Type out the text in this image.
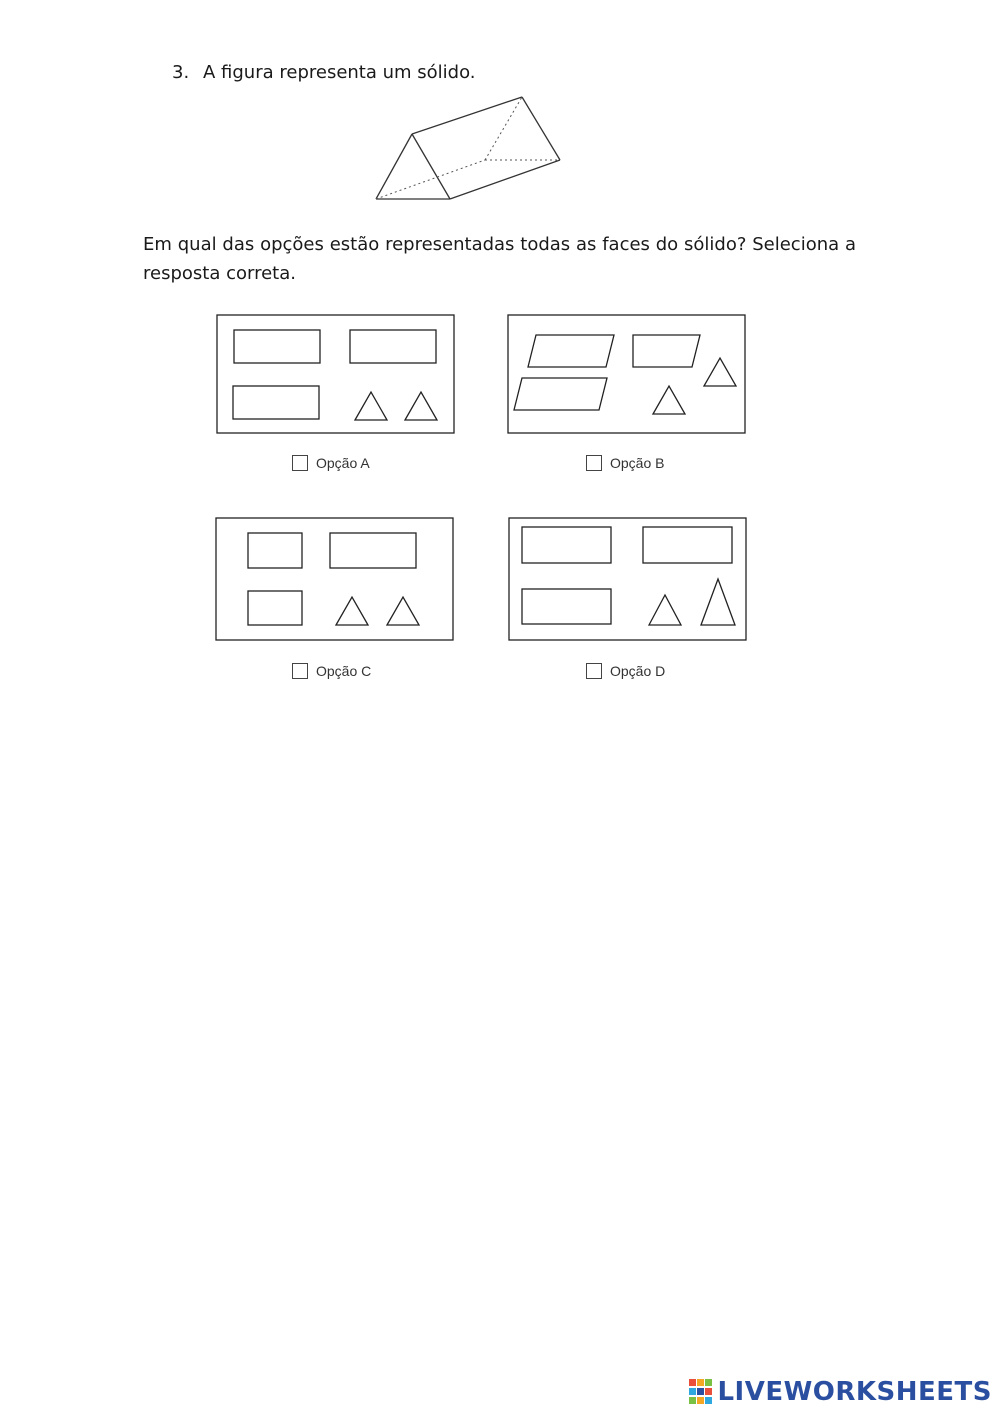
3. A figura representa um sólido.
Em qual das opções estão representadas todas as faces do sólido? Seleciona a resposta correta.
Opção A	Opção B
Opção C	Opção D
LIVEWORKSHEETS
